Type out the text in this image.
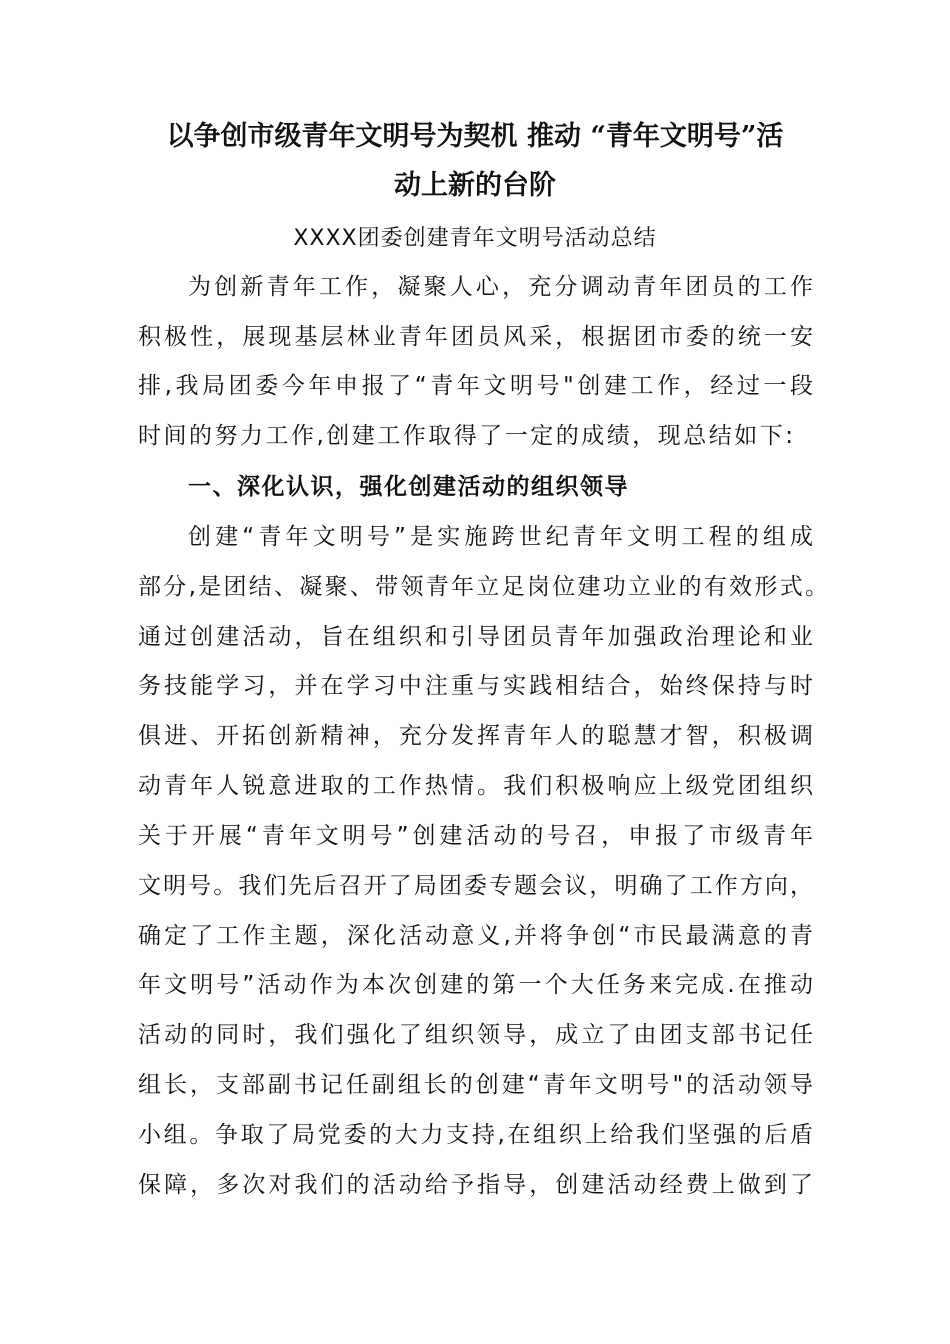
以争创市级青年文明号为契机 推动 “青年文明号”活
动上新的台阶
XXXX团委创建青年文明号活动总结
为创新青年工作，凝聚人心，充分调动青年团员的工作
积极性，展现基层林业青年团员风采，根据团市委的统一安
排,我局团委今年申报了“青年文明号"创建工作，经过一段
时间的努力工作,创建工作取得了一定的成绩，现总结如下:
一、深化认识，强化创建活动的组织领导
创建“青年文明号”是实施跨世纪青年文明工程的组成
部分,是团结、凝聚、带领青年立足岗位建功立业的有效形式。
通过创建活动，旨在组织和引导团员青年加强政治理论和业
务技能学习，并在学习中注重与实践相结合，始终保持与时
俱进、开拓创新精神，充分发挥青年人的聪慧才智，积极调
动青年人锐意进取的工作热情。我们积极响应上级党团组织
关于开展“青年文明号”创建活动的号召，申报了市级青年
文明号。我们先后召开了局团委专题会议，明确了工作方向，
确定了工作主题，深化活动意义,并将争创“市民最满意的青
年文明号”活动作为本次创建的第一个大任务来完成.在推动
活动的同时，我们强化了组织领导，成立了由团支部书记任
组长，支部副书记任副组长的创建“青年文明号"的活动领导
小组。争取了局党委的大力支持,在组织上给我们坚强的后盾
保障，多次对我们的活动给予指导，创建活动经费上做到了
